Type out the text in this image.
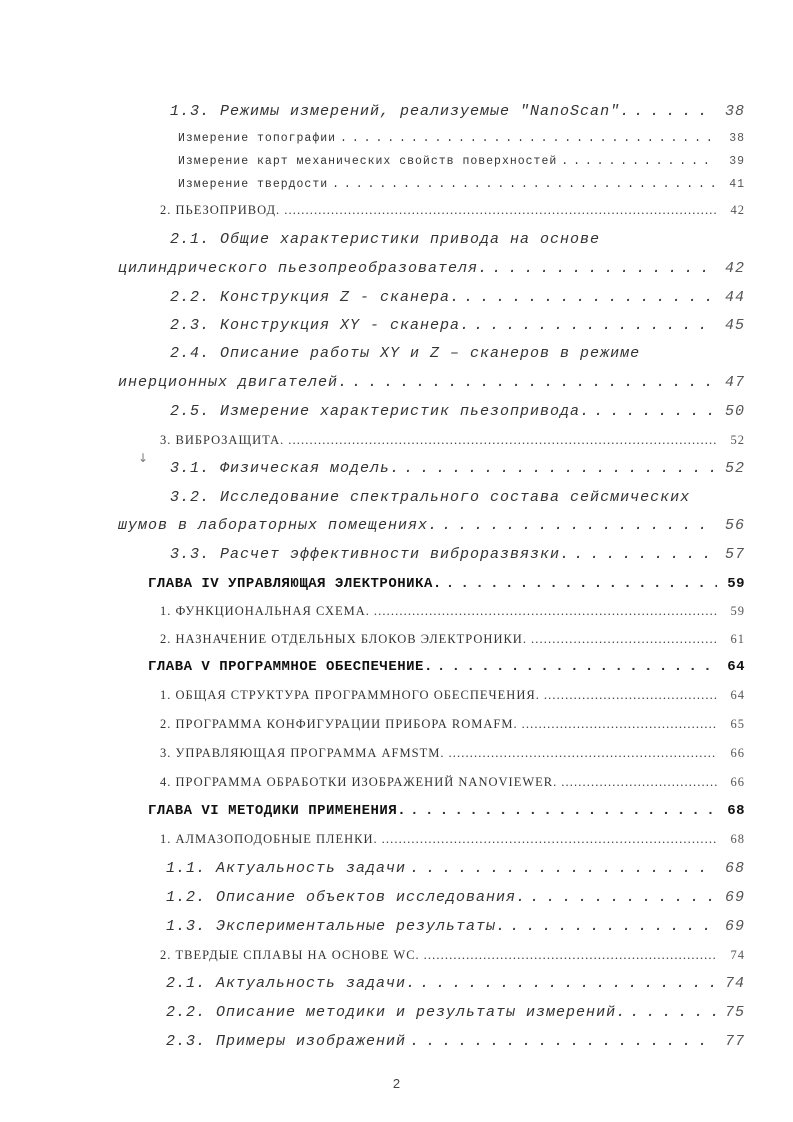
1.3. Режимы измерений, реализуемые "NanoScan". . . .	38
Измерение топографии . . .	38
Измерение карт механических свойств поверхностей . . .	39
Измерение твердости . . .	41
2. ПЬЕЗОПРИВОД. . . .	42
2.1. Общие характеристики привода на основе
цилиндрического пьезопреобразователя. . . .	42
2.2. Конструкция Z - сканера. . . .	44
2.3. Конструкция XY - сканера. . . .	45
2.4. Описание работы XY и Z – сканеров в режиме
инерционных двигателей. . . .	47
2.5. Измерение характеристик пьезопривода. . . .	50
3. ВИБРОЗАЩИТА. . . .	52
↓
3.1. Физическая модель. . . .	52
3.2. Исследование спектрального состава сейсмических
шумов в лабораторных помещениях. . . .	56
3.3. Расчет эффективности виброразвязки. . . .	57
ГЛАВА IV УПРАВЛЯЮЩАЯ ЭЛЕКТРОНИКА. . . .	59
1. ФУНКЦИОНАЛЬНАЯ СХЕМА. . . .	59
2. НАЗНАЧЕНИЕ ОТДЕЛЬНЫХ БЛОКОВ ЭЛЕКТРОНИКИ. . . .	61
ГЛАВА V ПРОГРАММНОЕ ОБЕСПЕЧЕНИЕ. . . .	64
1. ОБЩАЯ СТРУКТУРА ПРОГРАММНОГО ОБЕСПЕЧЕНИЯ. . . .	64
2. ПРОГРАММА КОНФИГУРАЦИИ ПРИБОРА ROMAFM. . . .	65
3. УПРАВЛЯЮЩАЯ ПРОГРАММА AFMSTM. . . .	66
4. ПРОГРАММА ОБРАБОТКИ ИЗОБРАЖЕНИЙ NANOVIEWER. . . .	66
ГЛАВА VI МЕТОДИКИ ПРИМЕНЕНИЯ. . . .	68
1. АЛМАЗОПОДОБНЫЕ ПЛЕНКИ. . . .	68
1.1. Актуальность задачи . . .	68
1.2. Описание объектов исследования. . . .	69
1.3. Экспериментальные результаты. . . .	69
2. ТВЕРДЫЕ СПЛАВЫ НА ОСНОВЕ WC. . . .	74
2.1. Актуальность задачи. . . .	74
2.2. Описание методики и результаты измерений. . . .	75
2.3. Примеры изображений . . .	77
2
